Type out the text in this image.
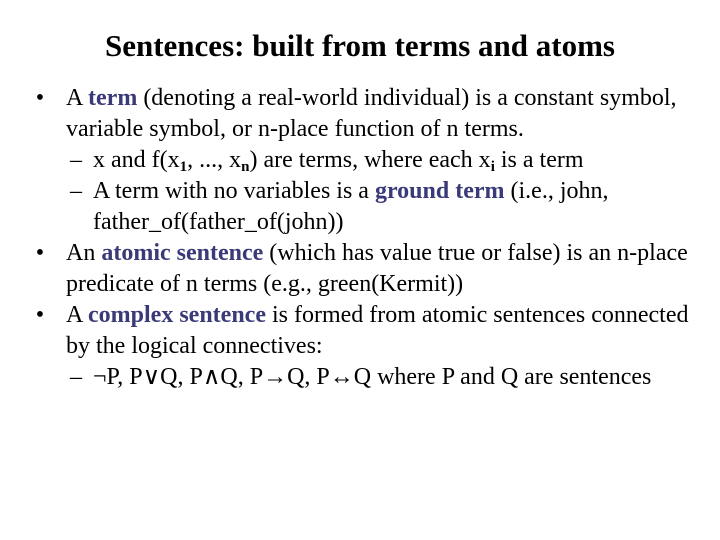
Sentences: built from terms and atoms

• A term (denoting a real-world individual) is a constant symbol, variable symbol, or n-place function of n terms.

– x and $f(x_1$, ..., $x_n$) are terms, where each $x_i$ is a term

– A term with no variables is a ground term (i.e., john, father_of(father_of(john))

• An atomic sentence (which has value true or false) is an n-place predicate of n terms (e.g., green(Kermit))

• A complex sentence is formed from atomic sentences connected by the logical connectives:

– ¬P, P∨Q, P∧Q, P→Q, P↔Q where P and Q are sentences
